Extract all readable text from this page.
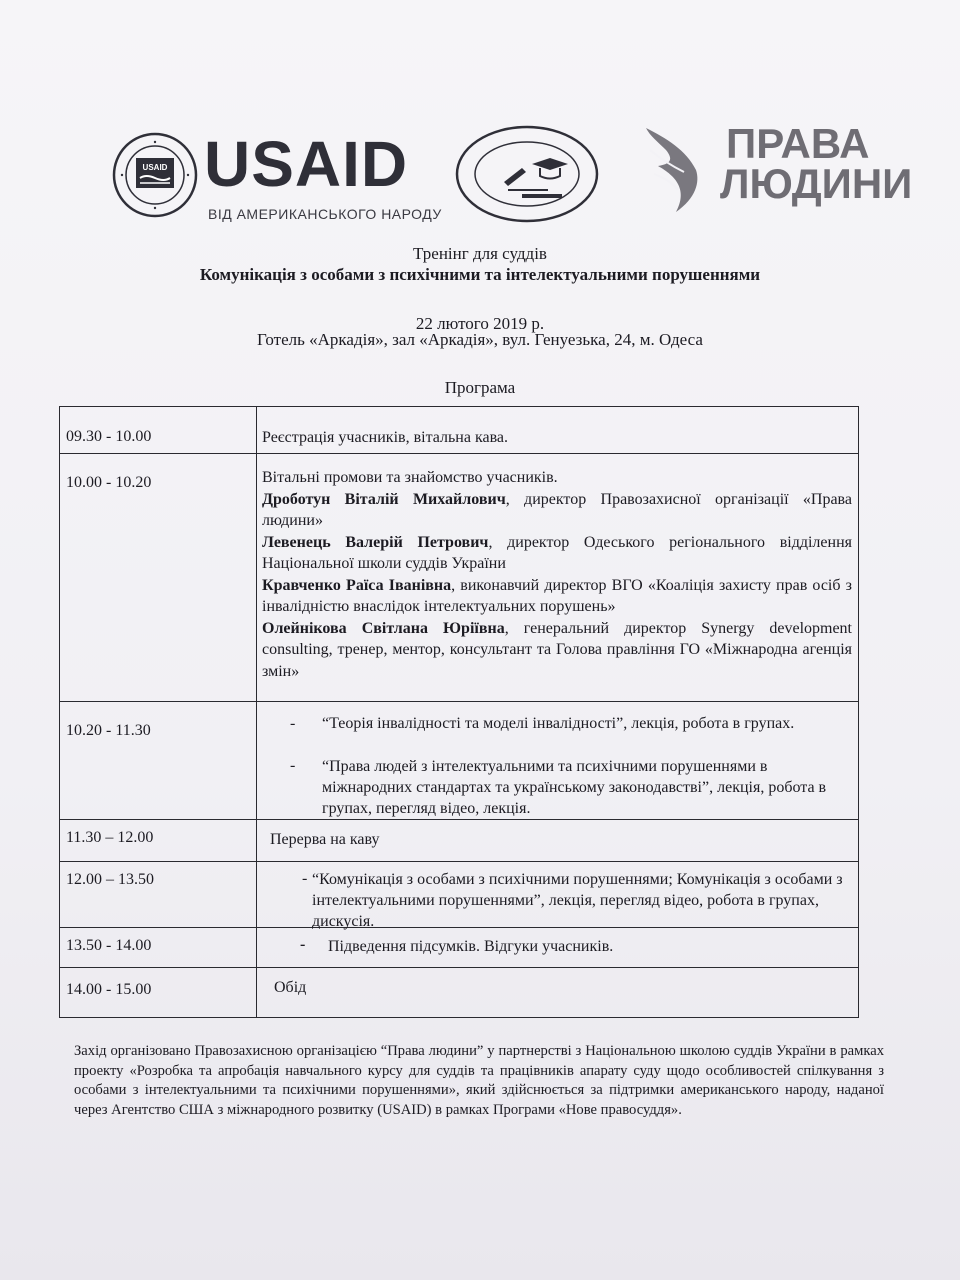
USAID USAID
ВІД АМЕРИКАНСЬКОГО НАРОДУ
ПРАВА
ЛЮДИНИ
Тренінг для суддів
Комунікація з особами з психічними та інтелектуальними порушеннями
22 лютого 2019 р.
Готель «Аркадія», зал «Аркадія», вул. Генуезька, 24, м. Одеса
Програма
09.30 - 10.00	Реєстрація учасників, вітальна кава.
10.00 - 10.20	Вітальні промови та знайомство учасників.
Дроботун Віталій Михайлович, директор Правозахисної організації «Права людини»
Левенець Валерій Петрович, директор Одеського регіонального відділення Національної школи суддів України
Кравченко Раїса Іванівна, виконавчий директор ВГО «Коаліція захисту прав осіб з інвалідністю внаслідок інтелектуальних порушень»
Олейнікова Світлана Юріївна, генеральний директор Synergy development consulting, тренер, ментор, консультант та Голова правління ГО «Міжнародна агенція змін»
10.20 - 11.30	- “Теорія інвалідності та моделі інвалідності”, лекція, робота в групах.
- “Права людей з інтелектуальними та психічними порушеннями в міжнародних стандартах та українському законодавстві”, лекція, робота в групах, перегляд відео, лекція.
11.30 – 12.00	Перерва на каву
12.00 – 13.50	- “Комунікація з особами з психічними порушеннями; Комунікація з особами з інтелектуальними порушеннями”, лекція, перегляд відео, робота в групах, дискусія.
13.50 - 14.00	- Підведення підсумків. Відгуки учасників.
14.00 - 15.00	Обід
Захід організовано Правозахисною організацією “Права людини” у партнерстві з Національною школою суддів України в рамках проекту «Розробка та апробація навчального курсу для суддів та працівників апарату суду щодо особливостей спілкування з особами з інтелектуальними та психічними порушеннями», який здійснюється за підтримки американського народу, наданої через Агентство США з міжнародного розвитку (USAID) в рамках Програми «Нове правосуддя».
